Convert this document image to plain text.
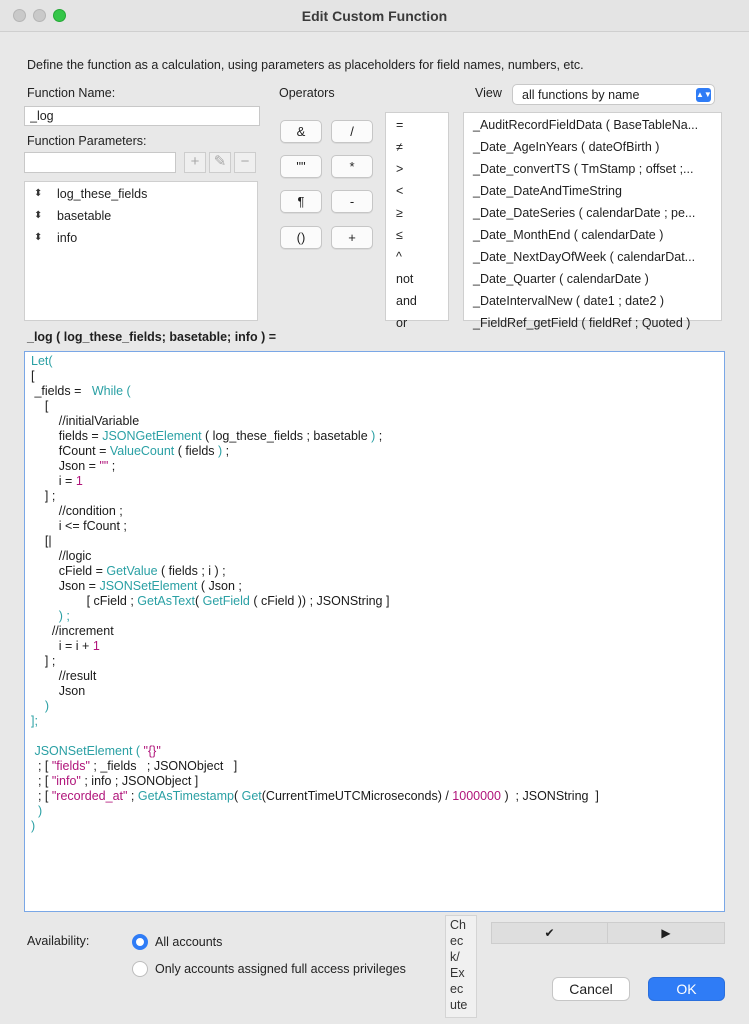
Edit Custom Function
Define the function as a calculation, using parameters as placeholders for field names, numbers, etc.
Function Name:
_log
Function Parameters:
+ ✎ −
⬍ log_these_fields
⬍ basetable
⬍ info
Operators
&	/
""	*
¶	-
()	+
=
≠
>
<
≥
≤
^
not
and
or
View all functions by name	▲▼
_AuditRecordFieldData ( BaseTableNa...
_Date_AgeInYears ( dateOfBirth )
_Date_convertTS ( TmStamp ; offset ;...
_Date_DateAndTimeString
_Date_DateSeries ( calendarDate ; pe...
_Date_MonthEnd ( calendarDate )
_Date_NextDayOfWeek ( calendarDat...
_Date_Quarter ( calendarDate )
_DateIntervalNew ( date1 ; date2 )
_FieldRef_getField ( fieldRef ; Quoted )
_log ( log_these_fields; basetable; info ) =
Let(
[
_fields =   While (
[
//initialVariable
fields = JSONGetElement ( log_these_fields ; basetable ) ;
fCount = ValueCount ( fields ) ;
Json = "" ;
i = 1
] ;
//condition ;
i <= fCount ;
[|
//logic
cField = GetValue ( fields ; i ) ;
Json = JSONSetElement ( Json ;
[ cField ; GetAsText( GetField ( cField )) ; JSONString ]
) ;
//increment
i = i + 1
] ;
//result
Json
)
];
JSONSetElement ( "{}"
; [ "fields" ; _fields   ; JSONObject   ]
; [ "info" ; info ; JSONObject ]
; [ "recorded_at" ; GetAsTimestamp( Get(CurrentTimeUTCMicroseconds) / 1000000 )  ; JSONString  ]
)
)
Availability:	All accounts
Only accounts assigned full access privileges
Ch
ec
k/
Ex
ec
ute
✔	▶
Cancel	OK
